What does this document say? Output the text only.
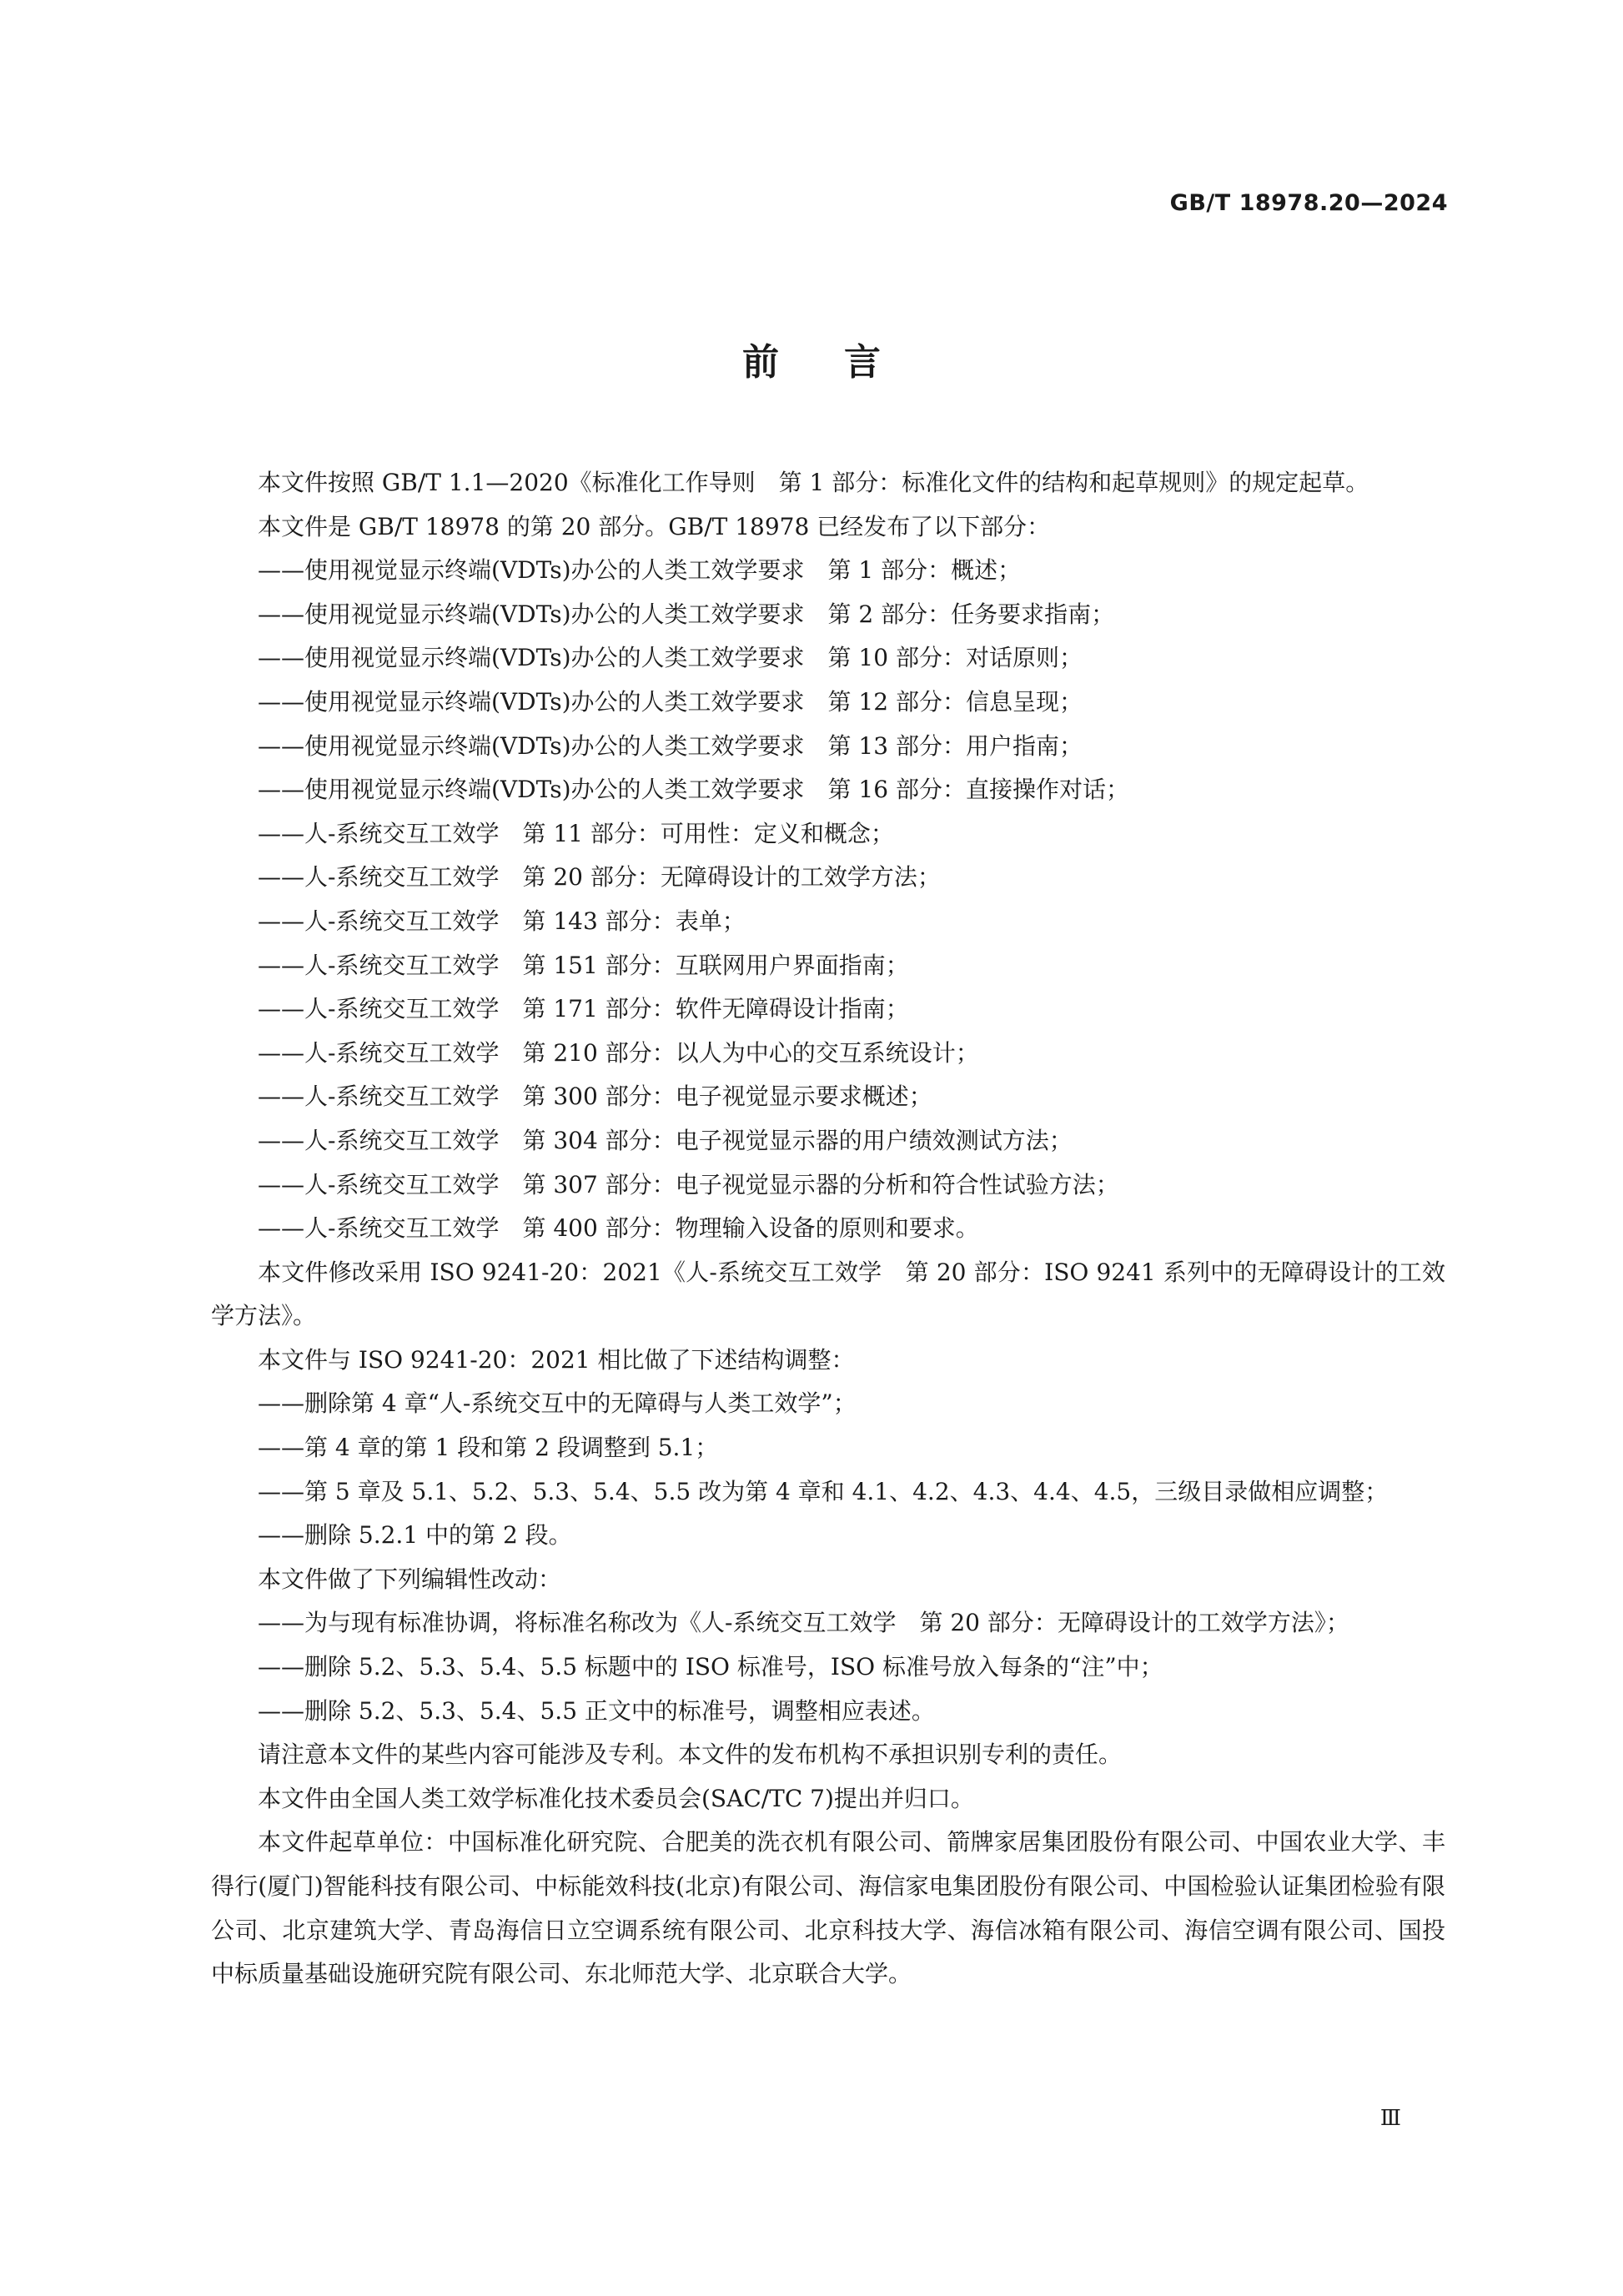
GB/T 18978.20—2024
前言

本文件按照 GB/T 1.1—2020《标准化工作导则　第 1 部分：标准化文件的结构和起草规则》的规定起草。

本文件是 GB/T 18978 的第 20 部分。GB/T 18978 已经发布了以下部分：

——使用视觉显示终端(VDTs)办公的人类工效学要求　第 1 部分：概述；

——使用视觉显示终端(VDTs)办公的人类工效学要求　第 2 部分：任务要求指南；

——使用视觉显示终端(VDTs)办公的人类工效学要求　第 10 部分：对话原则；

——使用视觉显示终端(VDTs)办公的人类工效学要求　第 12 部分：信息呈现；

——使用视觉显示终端(VDTs)办公的人类工效学要求　第 13 部分：用户指南；

——使用视觉显示终端(VDTs)办公的人类工效学要求　第 16 部分：直接操作对话；

——人-系统交互工效学　第 11 部分：可用性：定义和概念；

——人-系统交互工效学　第 20 部分：无障碍设计的工效学方法；

——人-系统交互工效学　第 143 部分：表单；

——人-系统交互工效学　第 151 部分：互联网用户界面指南；

——人-系统交互工效学　第 171 部分：软件无障碍设计指南；

——人-系统交互工效学　第 210 部分：以人为中心的交互系统设计；

——人-系统交互工效学　第 300 部分：电子视觉显示要求概述；

——人-系统交互工效学　第 304 部分：电子视觉显示器的用户绩效测试方法；

——人-系统交互工效学　第 307 部分：电子视觉显示器的分析和符合性试验方法；

——人-系统交互工效学　第 400 部分：物理输入设备的原则和要求。

本文件修改采用 ISO 9241-20：2021《人-系统交互工效学　第 20 部分：ISO 9241 系列中的无障碍设计的工效学方法》。

本文件与 ISO 9241-20：2021 相比做了下述结构调整：

——删除第 4 章“人-系统交互中的无障碍与人类工效学”；

——第 4 章的第 1 段和第 2 段调整到 5.1；

——第 5 章及 5.1、5.2、5.3、5.4、5.5 改为第 4 章和 4.1、4.2、4.3、4.4、4.5，三级目录做相应调整；

——删除 5.2.1 中的第 2 段。

本文件做了下列编辑性改动：

——为与现有标准协调，将标准名称改为《人-系统交互工效学　第 20 部分：无障碍设计的工效学方法》；

——删除 5.2、5.3、5.4、5.5 标题中的 ISO 标准号，ISO 标准号放入每条的“注”中；

——删除 5.2、5.3、5.4、5.5 正文中的标准号，调整相应表述。

请注意本文件的某些内容可能涉及专利。本文件的发布机构不承担识别专利的责任。

本文件由全国人类工效学标准化技术委员会(SAC/TC 7)提出并归口。

本文件起草单位：中国标准化研究院、合肥美的洗衣机有限公司、箭牌家居集团股份有限公司、中国农业大学、丰得行(厦门)智能科技有限公司、中标能效科技(北京)有限公司、海信家电集团股份有限公司、中国检验认证集团检验有限公司、北京建筑大学、青岛海信日立空调系统有限公司、北京科技大学、海信冰箱有限公司、海信空调有限公司、国投中标质量基础设施研究院有限公司、东北师范大学、北京联合大学。

Ⅲ
